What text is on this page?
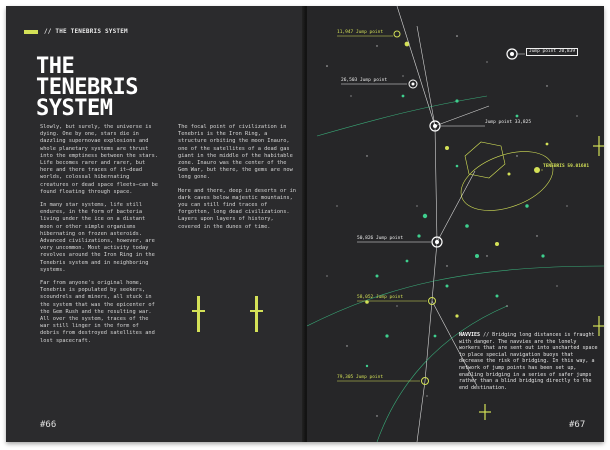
// THE TENEBRIS SYSTEM
THE
TENEBRIS
SYSTEM

Slowly, but surely, the universe is dying. One by one, stars die in dazzling supernovae explosions and whole planetary systems are thrust into the emptiness between the stars. Life becomes rarer and rarer, but here and there traces of it–dead worlds, colossal hibernating creatures or dead space fleets–can be found floating through space.

In many star systems, life still endures, in the form of bacteria living under the ice on a distant moon or other simple organisms hibernating on frozen asteroids. Advanced civilizations, however, are very uncommon. Most activity today revolves around the Iron Ring in the Tenebris system and in neighboring systems.

Far from anyone's original home, Tenebris is populated by seekers, scoundrels and miners, all stuck in the system that was the epicenter of the Gem Rush and the resulting war. All over the system, traces of the war still linger in the form of debris from destroyed satellites and lost spacecraft.

The focal point of civilization in Tenebris is the Iron Ring, a structure orbiting the moon Inauro, one of the satellites of a dead gas giant in the middle of the habitable zone. Inauro was the center of the Gem War, but there, the gems are now long gone.

Here and there, deep in deserts or in dark caves below majestic mountains, you can still find traces of forgotten, long dead civilizations. Layers upon layers of history, covered in the dunes of time.

#66
11,947 Jump point
Jump point 20,839
26,503 Jump point
Jump point 33,825
TENEBRIS 59.01681
50,826 Jump point
58,052 Jump point
79,305 Jump point
NAVVIES // Bridging long distances is fraught with danger. The navvies are the lonely workers that are sent out into uncharted space to place special navigation buoys that decrease the risk of bridging. In this way, a network of jump points has been set up, enabling bridging in a series of safer jumps rather than a blind bridging directly to the end destination.
#67
